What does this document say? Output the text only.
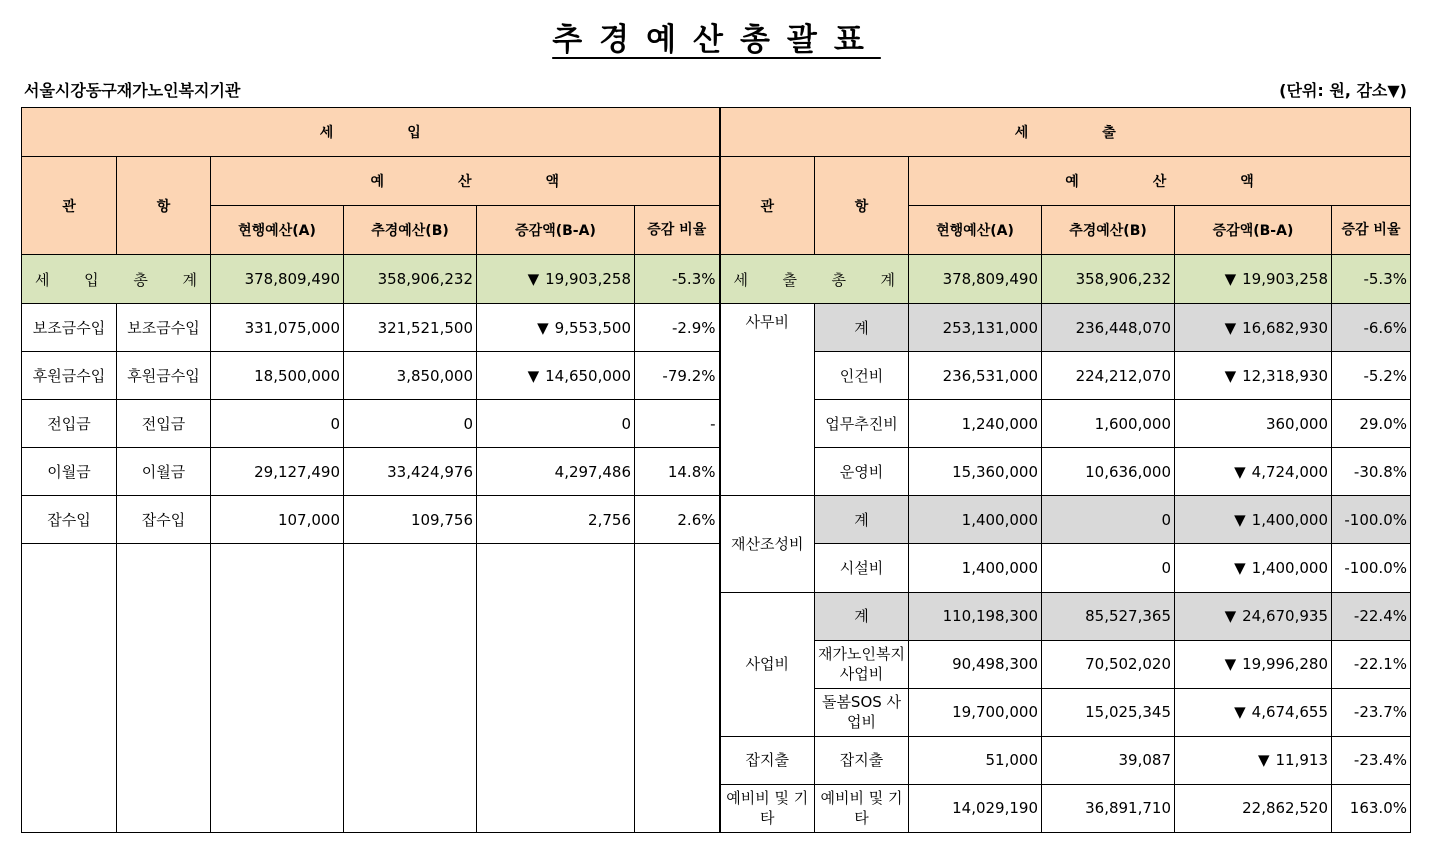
추경예산총괄표
서울시강동구재가노인복지기관	(단위: 원, 감소▼)
세입						세출					
관	항	예산액				관	항	예산액			
		현행예산(A)	추경예산(B)	증감액(B-A)	증감 비율			현행예산(A)	추경예산(B)	증감액(B-A)	증감 비율

세 입 총 계		378,809,490	358,906,232	▼ 19,903,258	-5.3%	세 출 총 계		378,809,490	358,906,232	▼ 19,903,258	-5.3%
보조금수입	보조금수입	331,075,000	321,521,500	▼ 9,553,500	-2.9%	사무비	계	253,131,000	236,448,070	▼ 16,682,930	-6.6%
후원금수입	후원금수입	18,500,000	3,850,000	▼ 14,650,000	-79.2%		인건비	236,531,000	224,212,070	▼ 12,318,930	-5.2%
전입금	전입금	0	0	0	-		업무추진비	1,240,000	1,600,000	360,000	29.0%
이월금	이월금	29,127,490	33,424,976	4,297,486	14.8%		운영비	15,360,000	10,636,000	▼ 4,724,000	-30.8%
잡수입	잡수입	107,000	109,756	2,756	2.6%	재산조성비	계	1,400,000	0	▼ 1,400,000	-100.0%
							시설비	1,400,000	0	▼ 1,400,000	-100.0%
						사업비	계	110,198,300	85,527,365	▼ 24,670,935	-22.4%
							재가노인복지 사업비	90,498,300	70,502,020	▼ 19,996,280	-22.1%
							돌봄SOS 사업비	19,700,000	15,025,345	▼ 4,674,655	-23.7%
						잡지출	잡지출	51,000	39,087	▼ 11,913	-23.4%
						예비비 및 기타	예비비 및 기타	14,029,190	36,891,710	22,862,520	163.0%
